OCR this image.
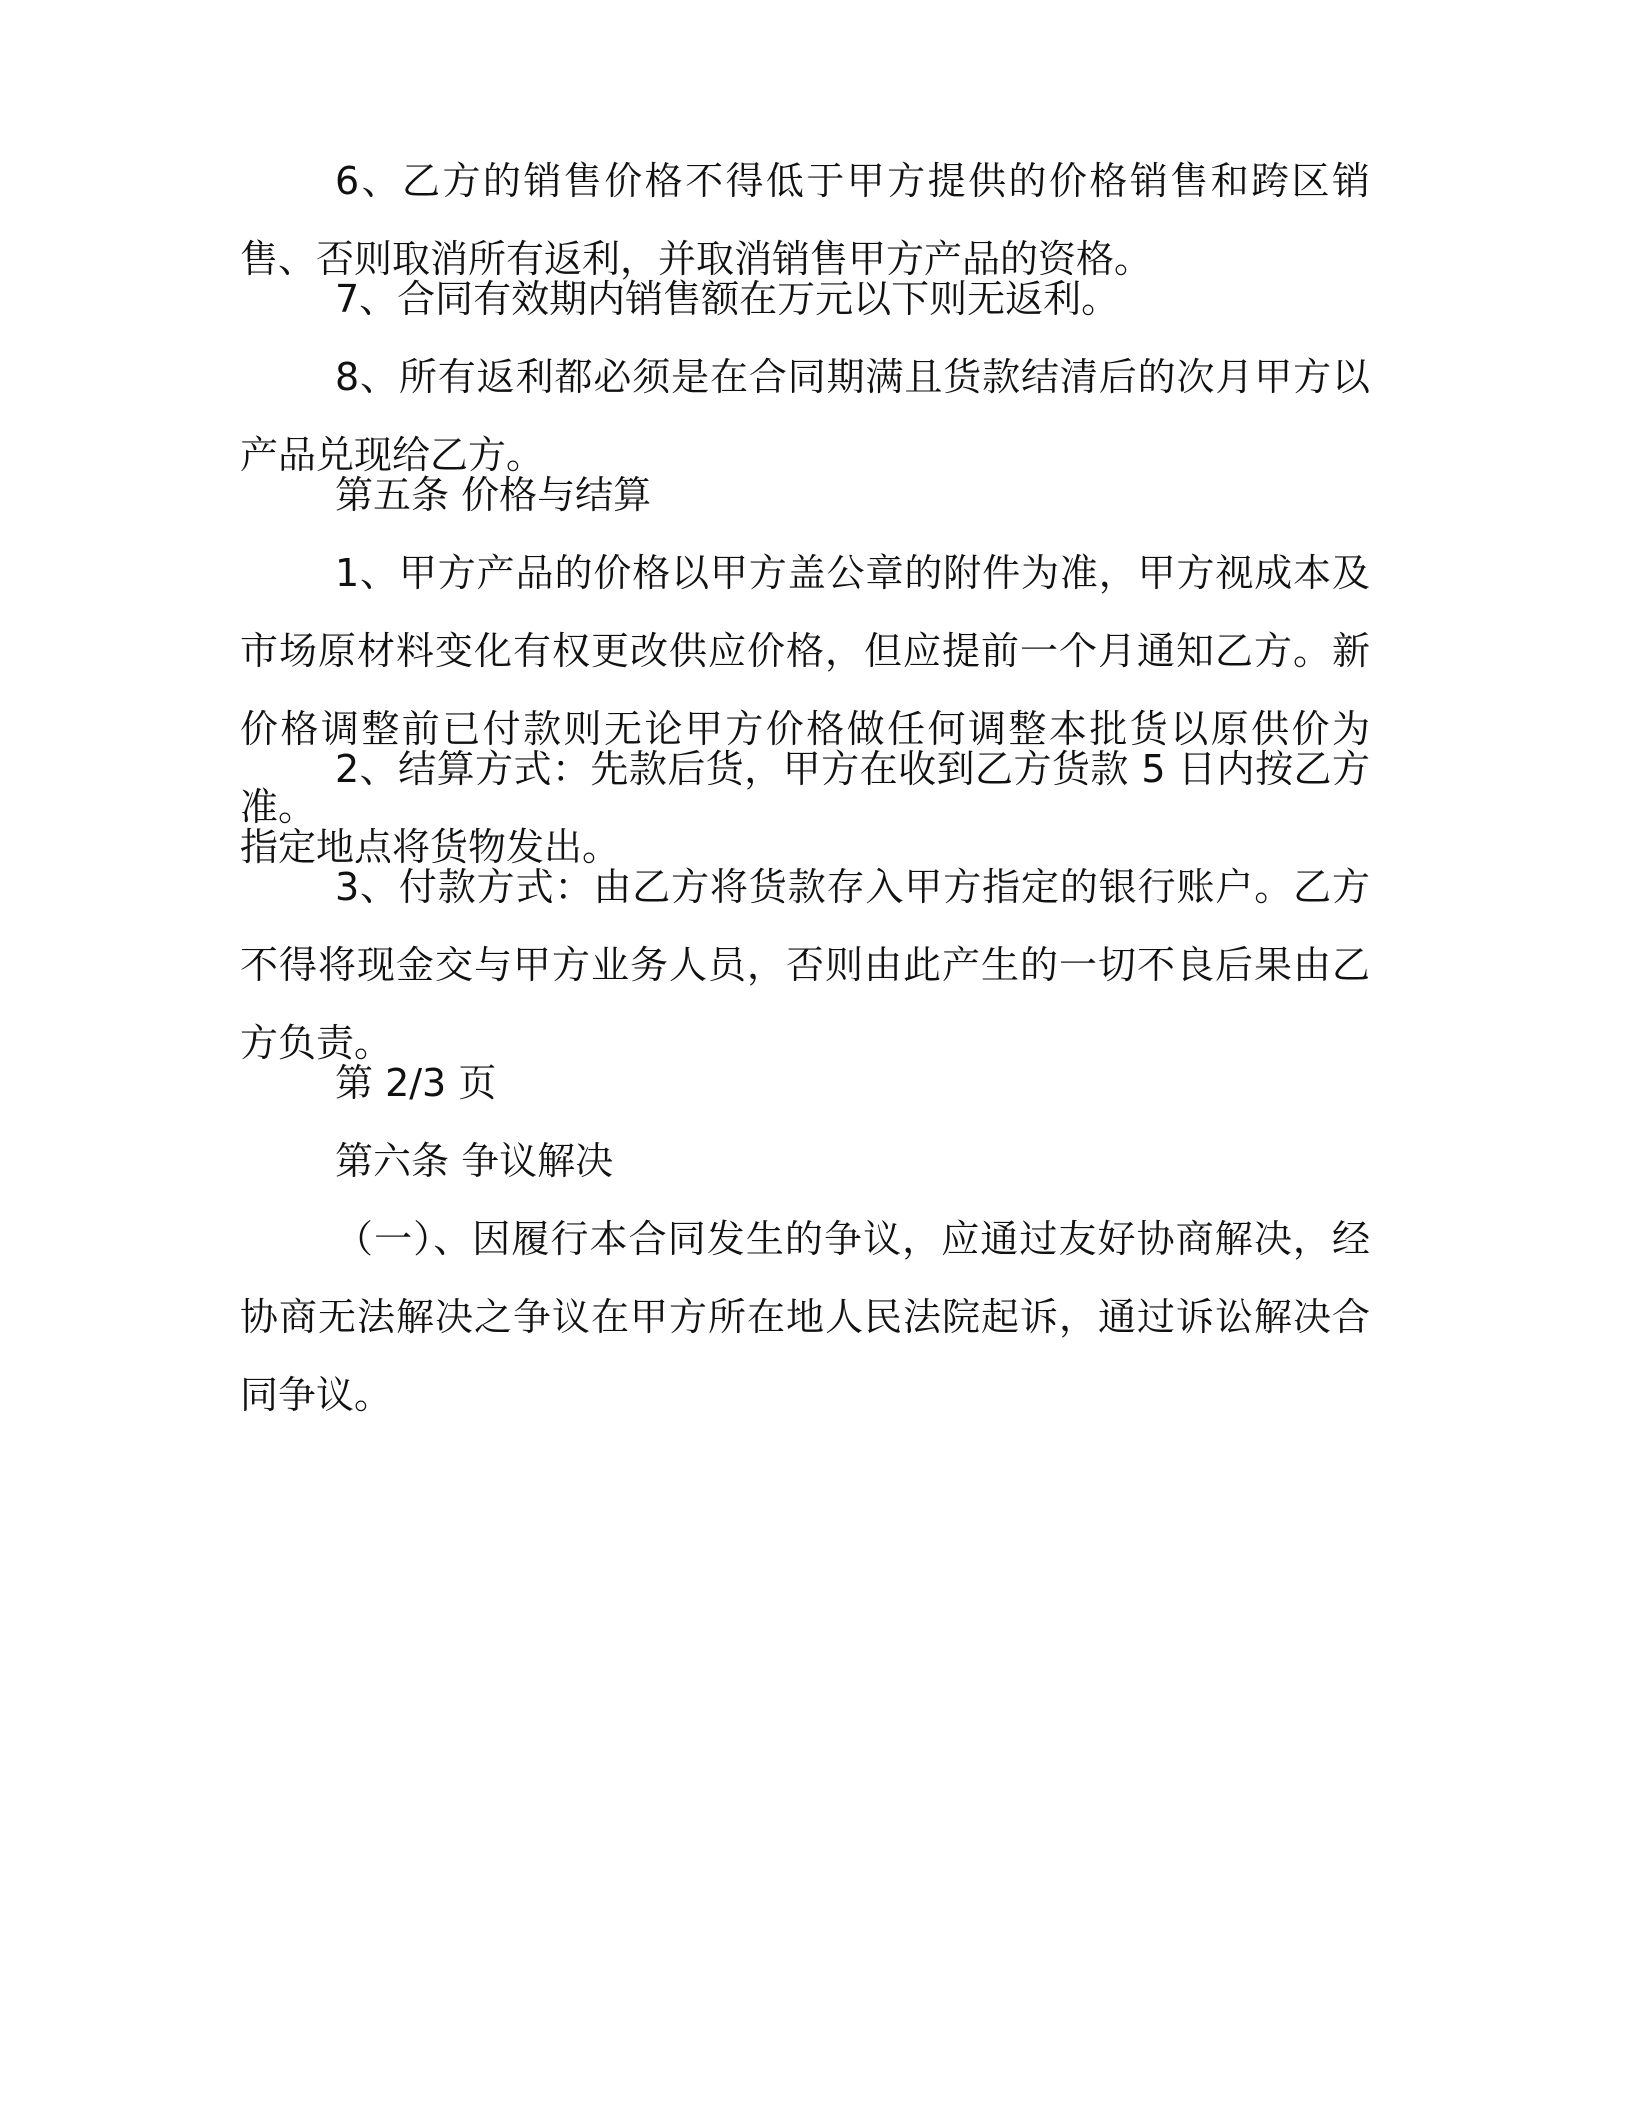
6、乙方的销售价格不得低于甲方提供的价格销售和跨区销售、否则取消所有返利，并取消销售甲方产品的资格。

7、合同有效期内销售额在万元以下则无返利。

8、所有返利都必须是在合同期满且货款结清后的次月甲方以产品兑现给乙方。

第五条 价格与结算

1、甲方产品的价格以甲方盖公章的附件为准，甲方视成本及市场原材料变化有权更改供应价格，但应提前一个月通知乙方。新价格调整前已付款则无论甲方价格做任何调整本批货以原供价为准。

2、结算方式：先款后货，甲方在收到乙方货款 5 日内按乙方指定地点将货物发出。

3、付款方式：由乙方将货款存入甲方指定的银行账户。乙方不得将现金交与甲方业务人员，否则由此产生的一切不良后果由乙方负责。

第 2/3 页

第六条 争议解决

（一）、因履行本合同发生的争议，应通过友好协商解决，经协商无法解决之争议在甲方所在地人民法院起诉，通过诉讼解决合同争议。
